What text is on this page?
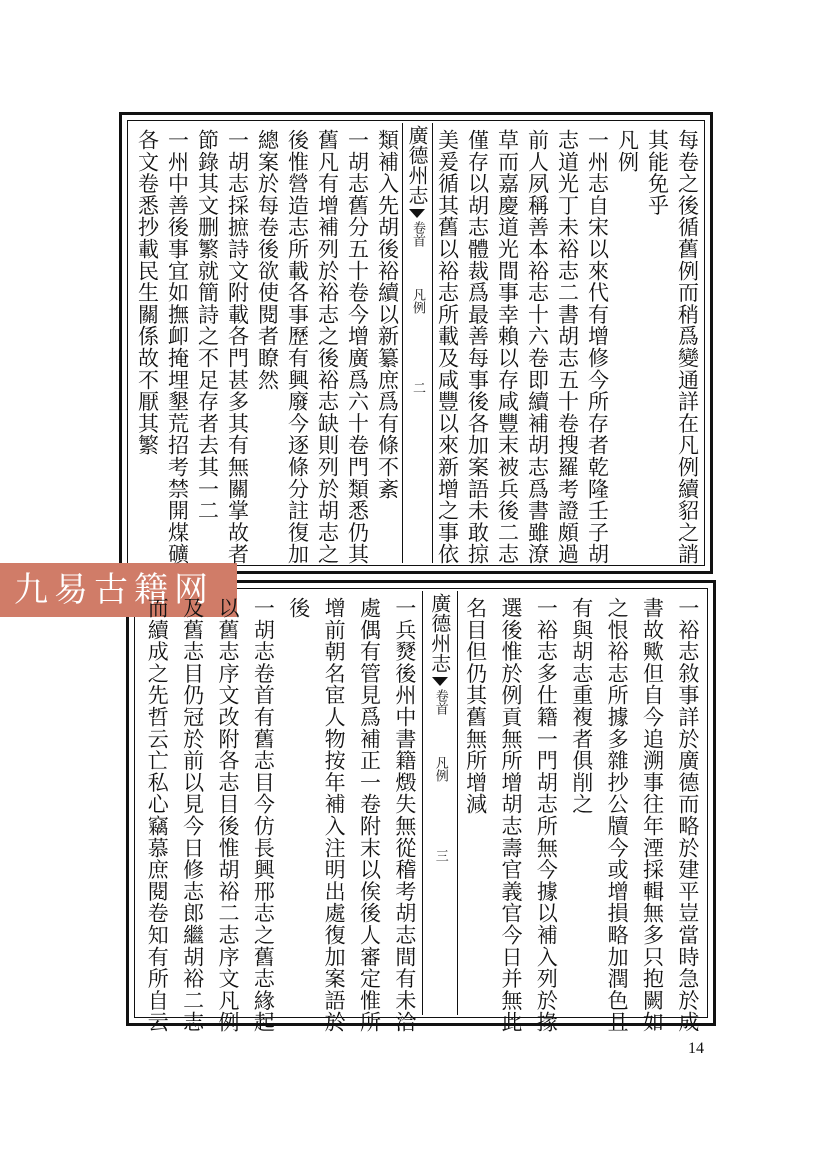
九易古籍网
14
每卷之後循舊例而稍爲變通詳在凡例續貂之誚
其能免乎
凡例
一州志自宋以來代有增修今所存者乾隆壬子胡
志道光丁未裕志二書胡志五十卷搜羅考證頗過
前人夙稱善本裕志十六卷即續補胡志爲書雖潦
草而嘉慶道光間事幸賴以存咸豐末被兵後二志
僅存以胡志體裁爲最善每事後各加案語未敢掠
美爰循其舊以裕志所載及咸豐以來新增之事依
廣德州志
卷首
凡例
二
類補入先胡後裕續以新纂庶爲有條不紊
一胡志舊分五十卷今增廣爲六十卷門類悉仍其
舊凡有增補列於裕志之後裕志缺則列於胡志之
後惟營造志所載各事歷有興廢今逐條分註復加
總案於每卷後欲使閱者瞭然
一胡志採摭詩文附載各門甚多其有無關掌故者
節錄其文删繁就簡詩之不足存者去其一二
一州中善後事宜如撫卹掩埋墾荒招考禁開煤礦
各文卷悉抄載民生關係故不厭其繁
一裕志敘事詳於廣德而略於建平豈當時急於成
書故歟但自今追溯事往年湮採輯無多只抱闕如
之恨裕志所據多雜抄公牘今或增損略加潤色且
有與胡志重複者俱削之
一裕志多仕籍一門胡志所無今據以補入列於掾
選後惟於例貢無所增胡志壽官義官今日并無此
名目但仍其舊無所增減
廣德州志
卷首
凡例
三
一兵燹後州中書籍燬失無從稽考胡志間有未洽
處偶有管見爲補正一卷附末以俟後人審定惟所
增前朝名宦人物按年補入注明出處復加案語於
後
一胡志卷首有舊志目今仿長興邢志之舊志緣起
以舊志序文改附各志目後惟胡裕二志序文凡例
及舊志目仍冠於前以見今日修志郎繼胡裕二志
而續成之先哲云亡私心竊慕庶閱卷知有所自云
